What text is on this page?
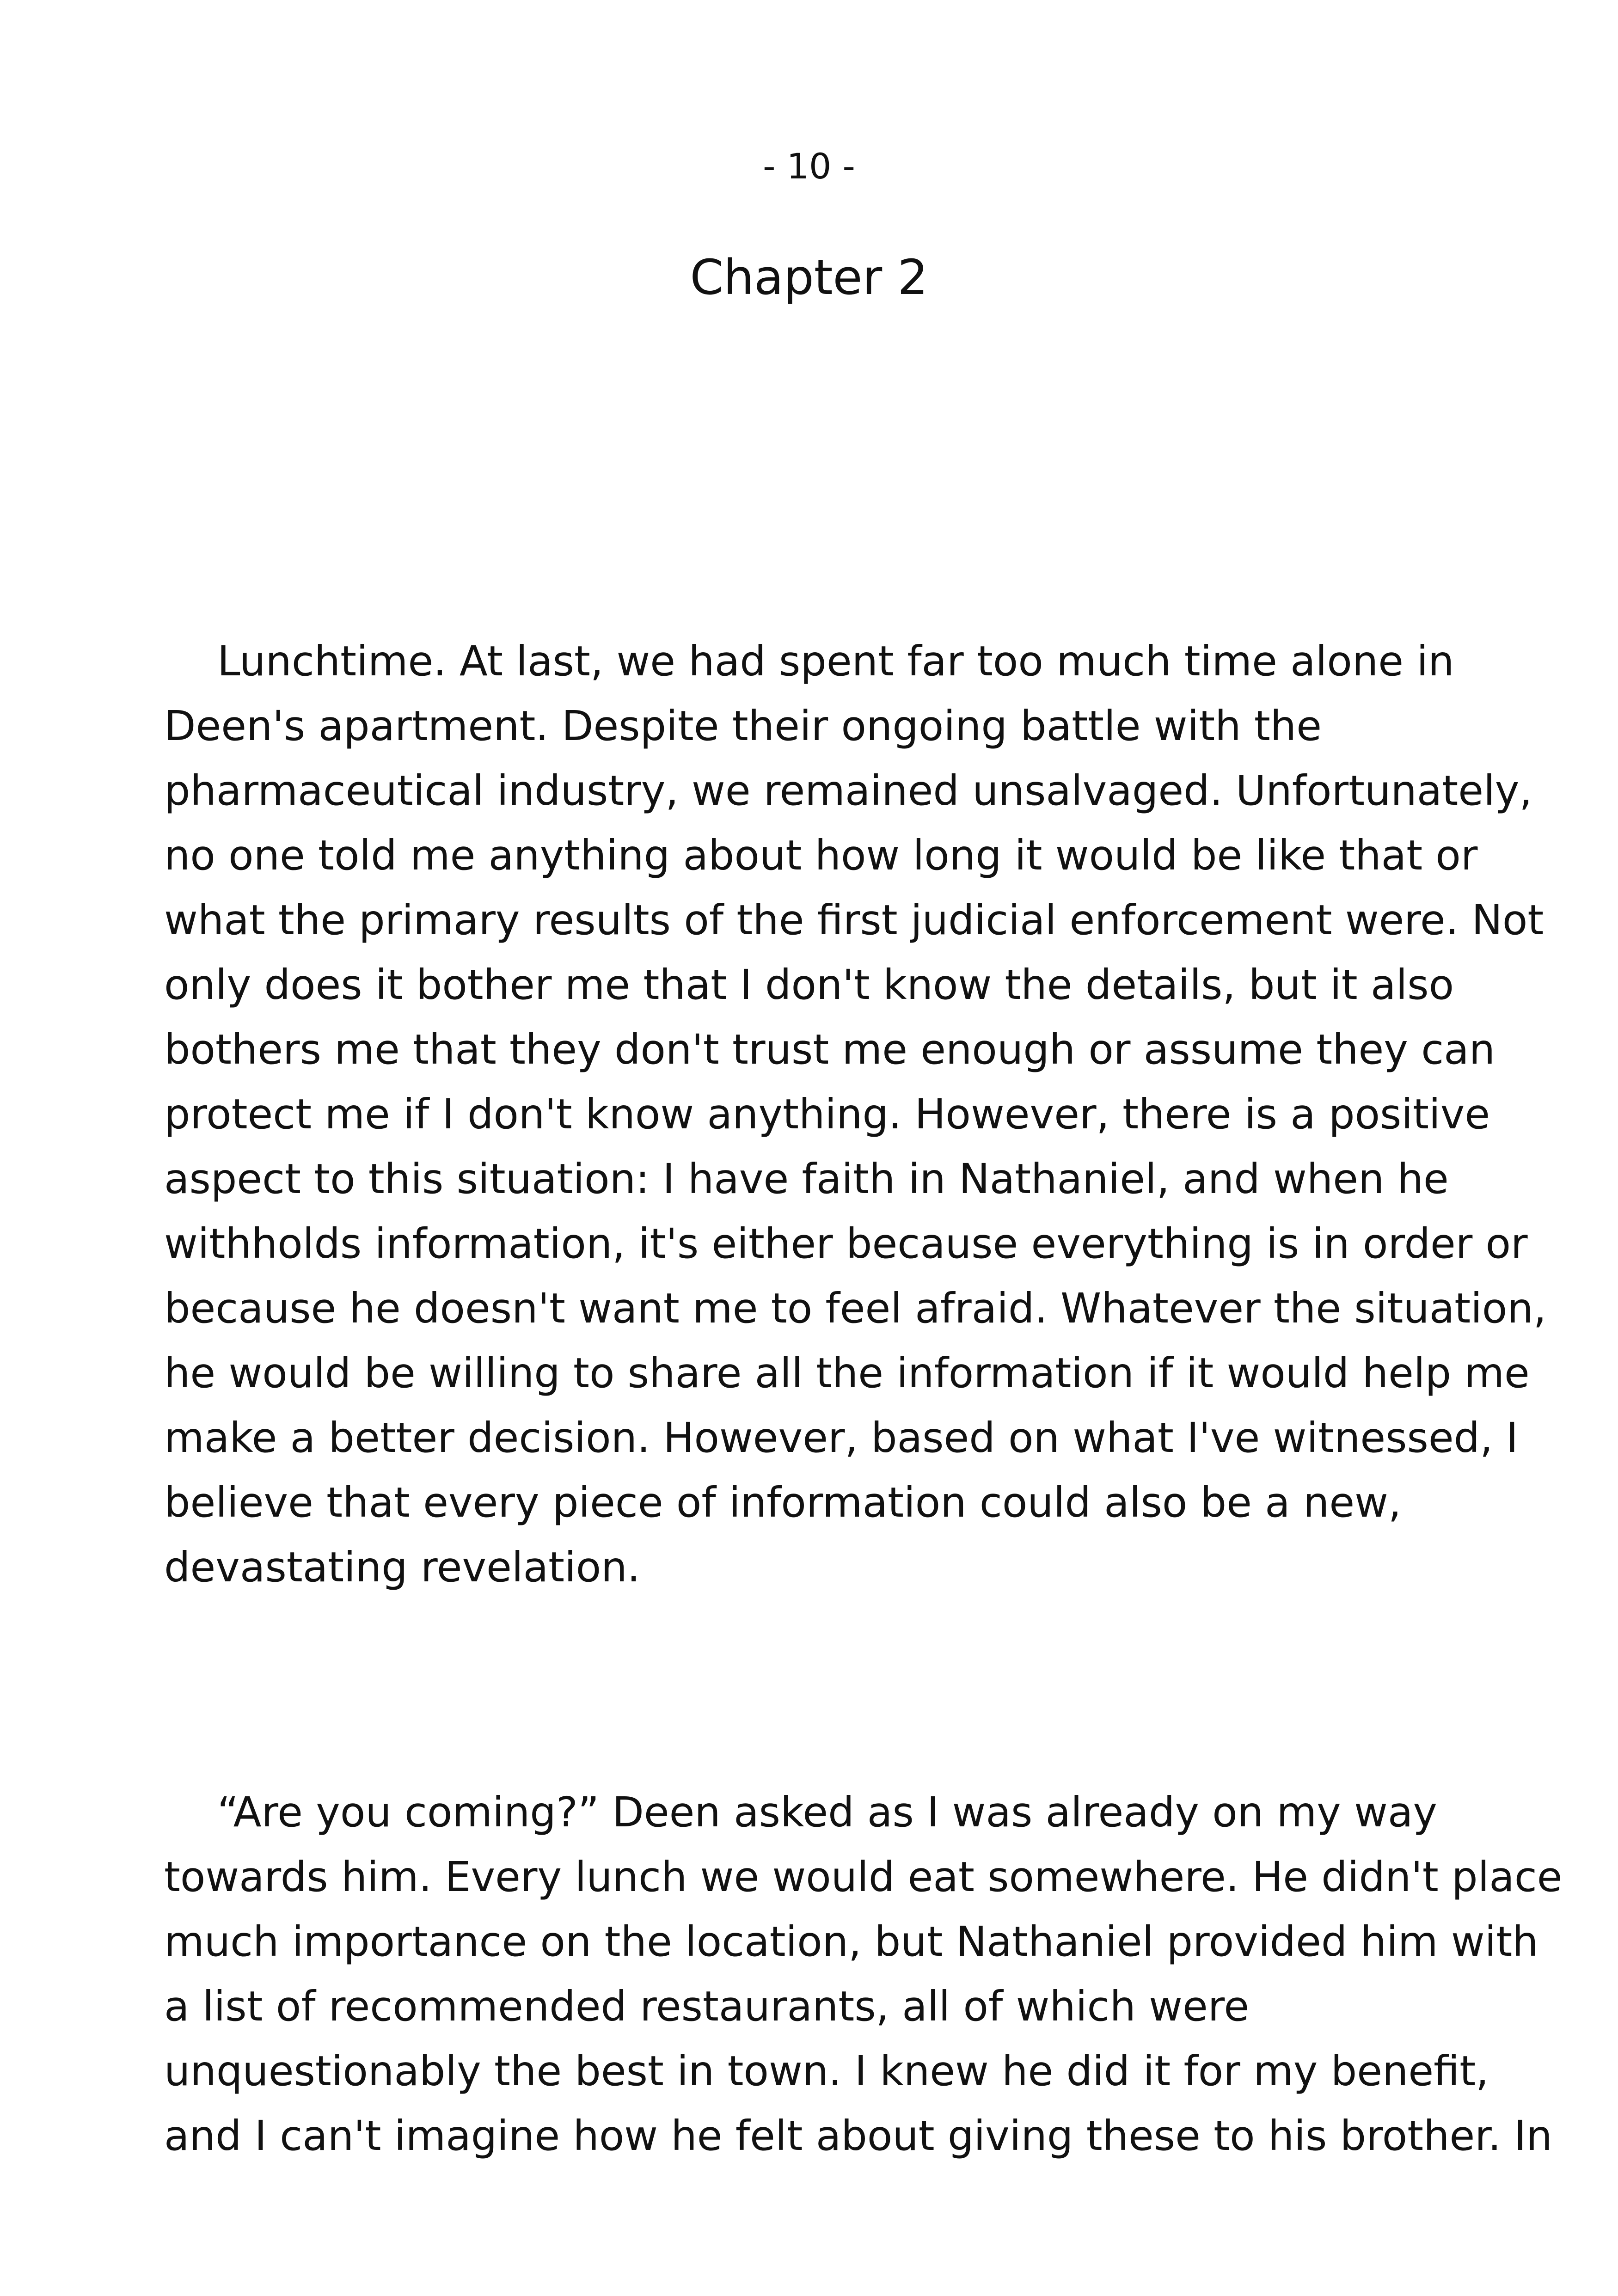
- 10 -
Chapter 2
Lunchtime. At last, we had spent far too much time alone in
Deen's apartment. Despite their ongoing battle with the
pharmaceutical industry, we remained unsalvaged. Unfortunately,
no one told me anything about how long it would be like that or
what the primary results of the first judicial enforcement were. Not
only does it bother me that I don't know the details, but it also
bothers me that they don't trust me enough or assume they can
protect me if I don't know anything. However, there is a positive
aspect to this situation: I have faith in Nathaniel, and when he
withholds information, it's either because everything is in order or
because he doesn't want me to feel afraid. Whatever the situation,
he would be willing to share all the information if it would help me
make a better decision. However, based on what I've witnessed, I
believe that every piece of information could also be a new,
devastating revelation.
“Are you coming?” Deen asked as I was already on my way
towards him. Every lunch we would eat somewhere. He didn't place
much importance on the location, but Nathaniel provided him with
a list of recommended restaurants, all of which were
unquestionably the best in town. I knew he did it for my benefit,
and I can't imagine how he felt about giving these to his brother. In
